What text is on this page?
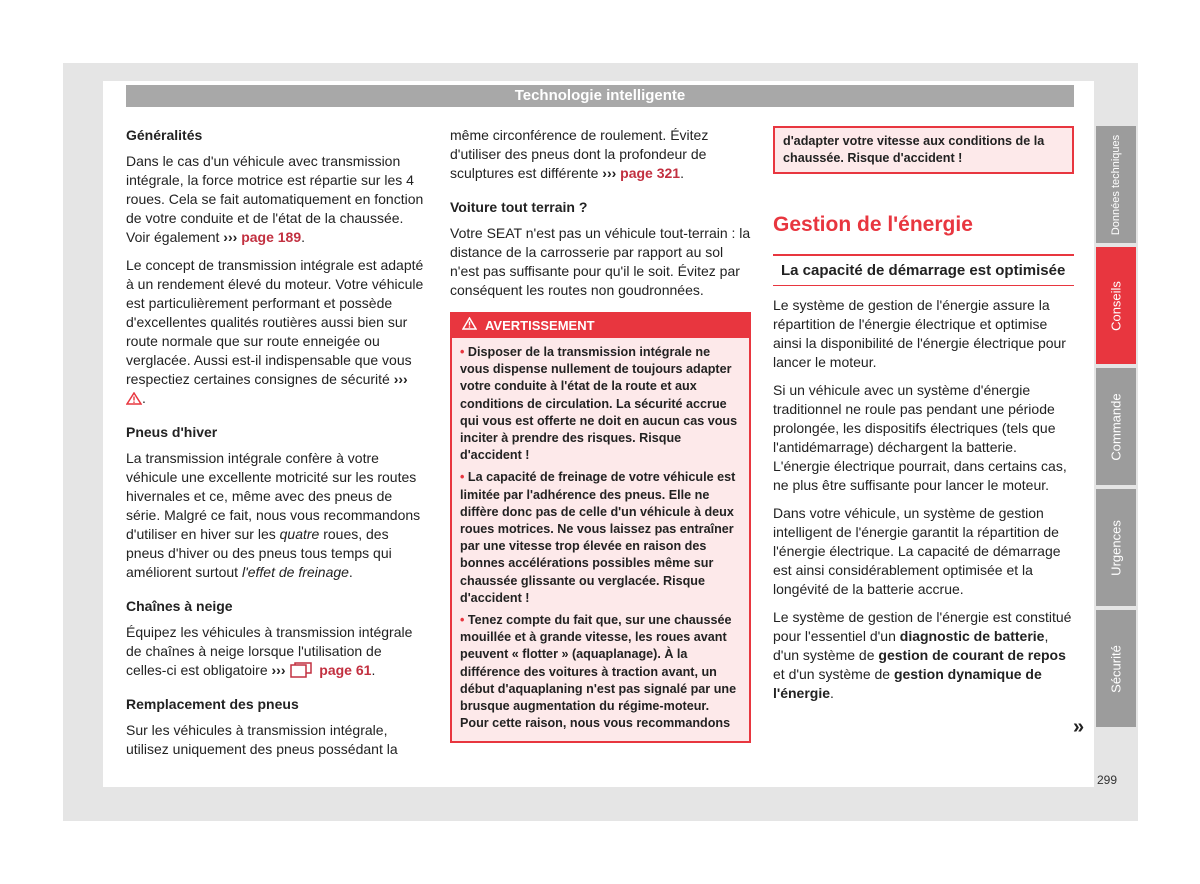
Technologie intelligente
Généralités

Dans le cas d'un véhicule avec transmission intégrale, la force motrice est répartie sur les 4 roues. Cela se fait automatiquement en fonction de votre conduite et de l'état de la chaussée. Voir également ››› page 189.

Le concept de transmission intégrale est adapté à un rendement élevé du moteur. Votre véhicule est particulièrement performant et possède d'excellentes qualités routières aussi bien sur route normale que sur route enneigée ou verglacée. Aussi est-il indispensable que vous respectiez certaines consignes de sécurité ››› .

Pneus d'hiver

La transmission intégrale confère à votre véhicule une excellente motricité sur les routes hivernales et ce, même avec des pneus de série. Malgré ce fait, nous vous recommandons d'utiliser en hiver sur les quatre roues, des pneus d'hiver ou des pneus tous temps qui améliorent surtout l'effet de freinage.

Chaînes à neige

Équipez les véhicules à transmission intégrale de chaînes à neige lorsque l'utilisation de celles-ci est obligatoire ››› page 61.

Remplacement des pneus

Sur les véhicules à transmission intégrale, utilisez uniquement des pneus possédant la

même circonférence de roulement. Évitez d'utiliser des pneus dont la profondeur de sculptures est différente ››› page 321.

Voiture tout terrain ?

Votre SEAT n'est pas un véhicule tout-terrain : la distance de la carrosserie par rapport au sol n'est pas suffisante pour qu'il le soit. Évitez par conséquent les routes non goudronnées.

AVERTISSEMENT
• Disposer de la transmission intégrale ne vous dispense nullement de toujours adapter votre conduite à l'état de la route et aux conditions de circulation. La sécurité accrue qui vous est offerte ne doit en aucun cas vous inciter à prendre des risques. Risque d'accident !
• La capacité de freinage de votre véhicule est limitée par l'adhérence des pneus. Elle ne diffère donc pas de celle d'un véhicule à deux roues motrices. Ne vous laissez pas entraîner par une vitesse trop élevée en raison des bonnes accélérations possibles même sur chaussée glissante ou verglacée. Risque d'accident !
• Tenez compte du fait que, sur une chaussée mouillée et à grande vitesse, les roues avant peuvent « flotter » (aquaplanage). À la différence des voitures à traction avant, un début d'aquaplaning n'est pas signalé par une brusque augmentation du régime-moteur. Pour cette raison, nous vous recommandons
d'adapter votre vitesse aux conditions de la chaussée. Risque d'accident !
Gestion de l'énergie
La capacité de démarrage est optimisée

Le système de gestion de l'énergie assure la répartition de l'énergie électrique et optimise ainsi la disponibilité de l'énergie électrique pour lancer le moteur.

Si un véhicule avec un système d'énergie traditionnel ne roule pas pendant une période prolongée, les dispositifs électriques (tels que l'antidémarrage) déchargent la batterie. L'énergie électrique pourrait, dans certains cas, ne plus être suffisante pour lancer le moteur.

Dans votre véhicule, un système de gestion intelligent de l'énergie garantit la répartition de l'énergie électrique. La capacité de démarrage est ainsi considérablement optimisée et la longévité de la batterie accrue.

Le système de gestion de l'énergie est constitué pour l'essentiel d'un diagnostic de batterie, d'un système de gestion de courant de repos et d'un système de gestion dynamique de l'énergie.

»
Données techniques
Conseils
Commande
Urgences
Sécurité
299
